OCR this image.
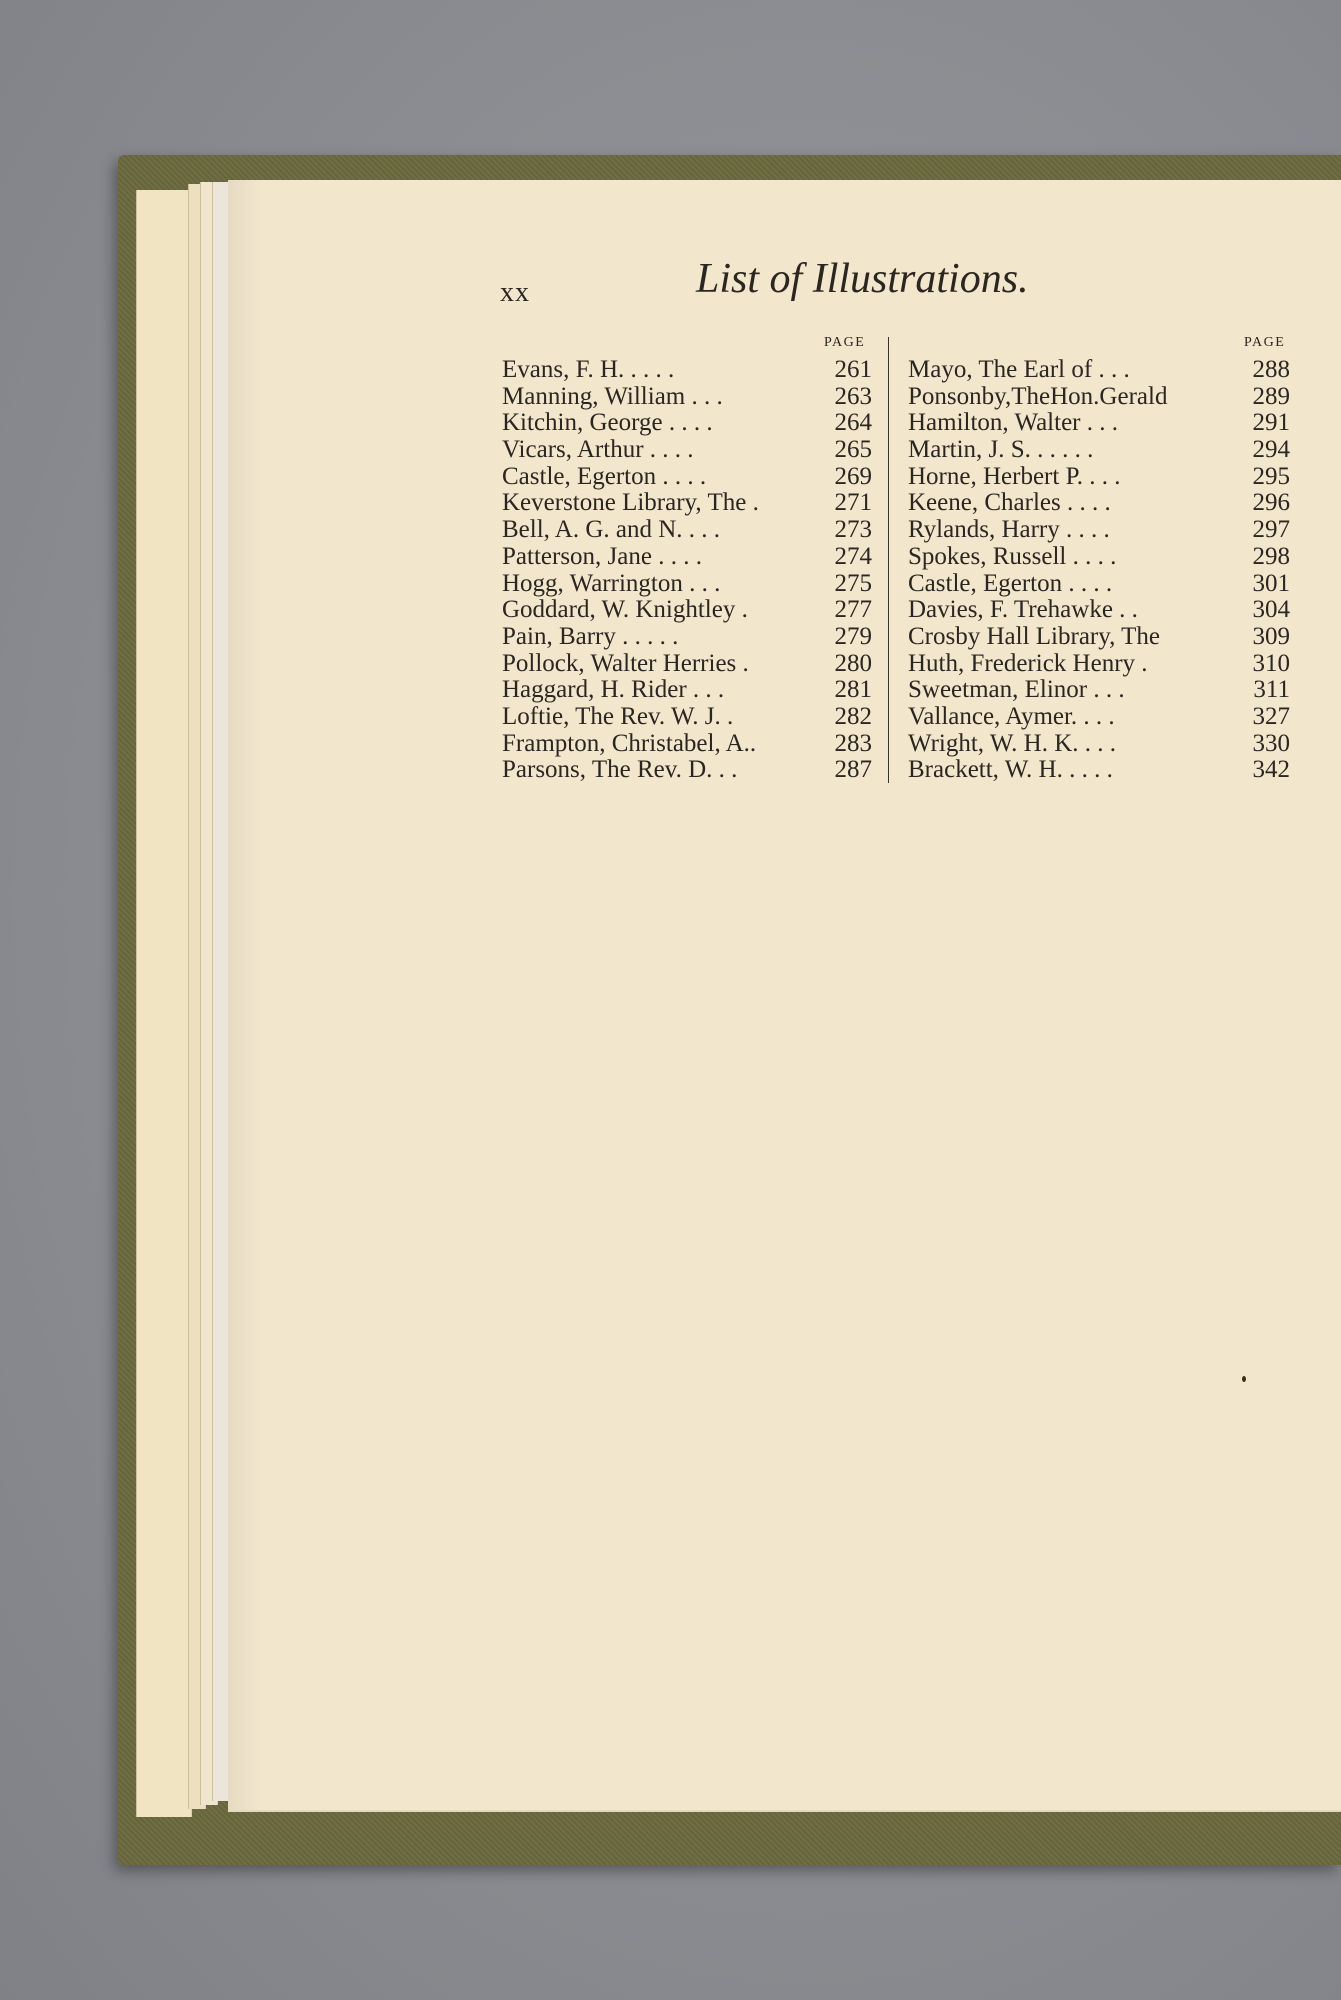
xx	List of Illustrations.
PAGE
Evans, F. H. . . . .	261
Manning, William . . .	263
Kitchin, George . . . .	264
Vicars, Arthur . . . .	265
Castle, Egerton . . . .	269
Keverstone Library, The .	271
Bell, A. G. and N. . . .	273
Patterson, Jane . . . .	274
Hogg, Warrington . . .	275
Goddard, W. Knightley .	277
Pain, Barry . . . . .	279
Pollock, Walter Herries .	280
Haggard, H. Rider . . .	281
Loftie, The Rev. W. J. .	282
Frampton, Christabel, A..	283
Parsons, The Rev. D. . .	287
PAGE
Mayo, The Earl of . . .	288
Ponsonby,TheHon.Gerald	289
Hamilton, Walter . . .	291
Martin, J. S. . . . . .	294
Horne, Herbert P. . . .	295
Keene, Charles . . . .	296
Rylands, Harry . . . .	297
Spokes, Russell . . . .	298
Castle, Egerton . . . .	301
Davies, F. Trehawke . .	304
Crosby Hall Library, The	309
Huth, Frederick Henry .	310
Sweetman, Elinor . . .	311
Vallance, Aymer. . . .	327
Wright, W. H. K. . . .	330
Brackett, W. H. . . . .	342
